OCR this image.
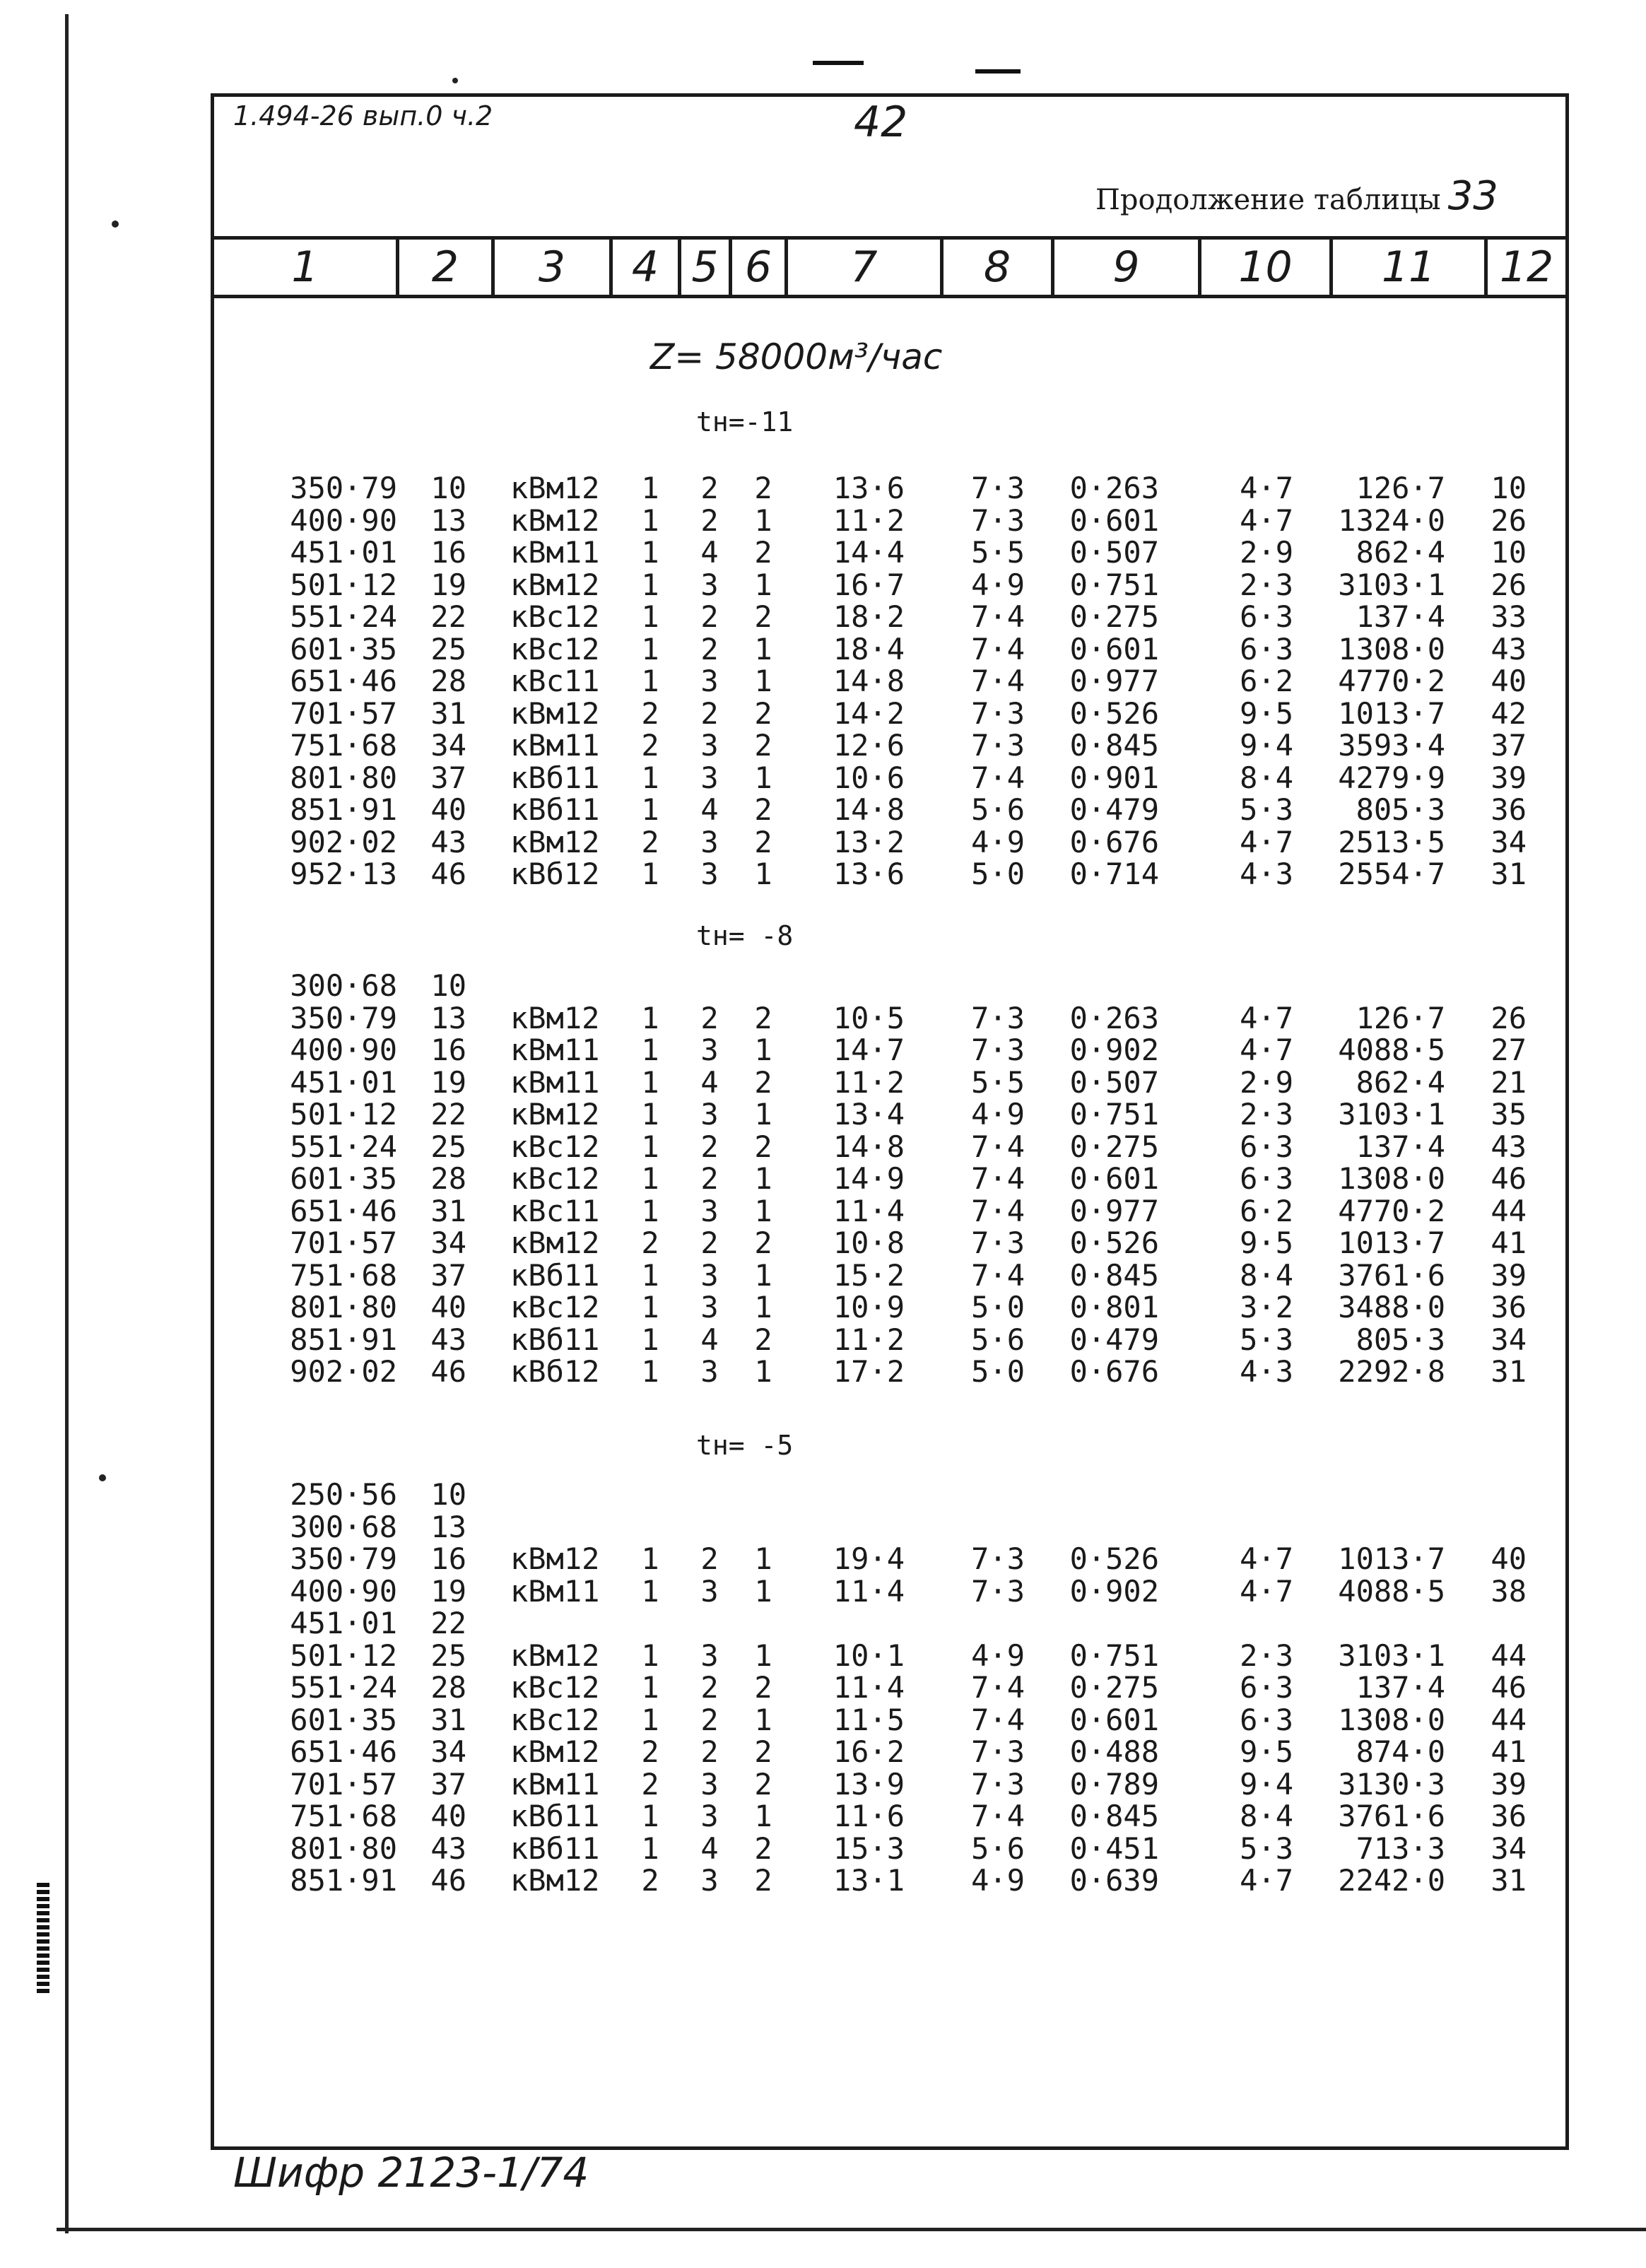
1.494-26 вып.0 ч.2	42
Продолжение таблицы 33
1	2	3	4 5 6	7	8	9	10	11	12
Z= 58000м³/час
tн=-11
350·79 10 кВм12	1 2 2	13·6	7·3	0·263	4·7	126·7	10
400·90 13 кВм12	1 2 1	11·2	7·3	0·601	4·7	1324·0	26
451·01 16 кВм11	1 4 2	14·4	5·5	0·507	2·9	862·4	10
501·12 19 кВм12	1 3 1	16·7	4·9	0·751	2·3	3103·1	26
551·24 22 кВс12	1 2 2	18·2	7·4	0·275	6·3	137·4	33
601·35 25 кВс12	1 2 1	18·4	7·4	0·601	6·3	1308·0	43
651·46 28 кВс11	1 3 1	14·8	7·4	0·977	6·2	4770·2	40
701·57 31 кВм12	2 2 2	14·2	7·3	0·526	9·5	1013·7	42
751·68 34 кВм11	2 3 2	12·6	7·3	0·845	9·4	3593·4	37
801·80 37 кВб11	1 3 1	10·6	7·4	0·901	8·4	4279·9	39
851·91 40 кВб11	1 4 2	14·8	5·6	0·479	5·3	805·3	36
902·02 43 кВм12	2 3 2	13·2	4·9	0·676	4·7	2513·5	34
952·13 46 кВб12	1 3 1	13·6	5·0	0·714	4·3	2554·7	31
tн= -8
300·68 10
350·79 13 кВм12	1 2 2	10·5	7·3	0·263	4·7	126·7	26
400·90 16 кВм11	1 3 1	14·7	7·3	0·902	4·7	4088·5	27
451·01 19 кВм11	1 4 2	11·2	5·5	0·507	2·9	862·4	21
501·12 22 кВм12	1 3 1	13·4	4·9	0·751	2·3	3103·1	35
551·24 25 кВс12	1 2 2	14·8	7·4	0·275	6·3	137·4	43
601·35 28 кВс12	1 2 1	14·9	7·4	0·601	6·3	1308·0	46
651·46 31 кВс11	1 3 1	11·4	7·4	0·977	6·2	4770·2	44
701·57 34 кВм12	2 2 2	10·8	7·3	0·526	9·5	1013·7	41
751·68 37 кВб11	1 3 1	15·2	7·4	0·845	8·4	3761·6	39
801·80 40 кВс12	1 3 1	10·9	5·0	0·801	3·2	3488·0	36
851·91 43 кВб11	1 4 2	11·2	5·6	0·479	5·3	805·3	34
902·02 46 кВб12	1 3 1	17·2	5·0	0·676	4·3	2292·8	31
tн= -5
250·56 10
300·68 13
350·79 16 кВм12	1 2 1	19·4	7·3	0·526	4·7	1013·7	40
400·90 19 кВм11	1 3 1	11·4	7·3	0·902	4·7	4088·5	38
451·01 22
501·12 25 кВм12	1 3 1	10·1	4·9	0·751	2·3	3103·1	44
551·24 28 кВс12	1 2 2	11·4	7·4	0·275	6·3	137·4	46
601·35 31 кВс12	1 2 1	11·5	7·4	0·601	6·3	1308·0	44
651·46 34 кВм12	2 2 2	16·2	7·3	0·488	9·5	874·0	41
701·57 37 кВм11	2 3 2	13·9	7·3	0·789	9·4	3130·3	39
751·68 40 кВб11	1 3 1	11·6	7·4	0·845	8·4	3761·6	36
801·80 43 кВб11	1 4 2	15·3	5·6	0·451	5·3	713·3	34
851·91 46 кВм12	2 3 2	13·1	4·9	0·639	4·7	2242·0	31
Шифр 2123-1/74
